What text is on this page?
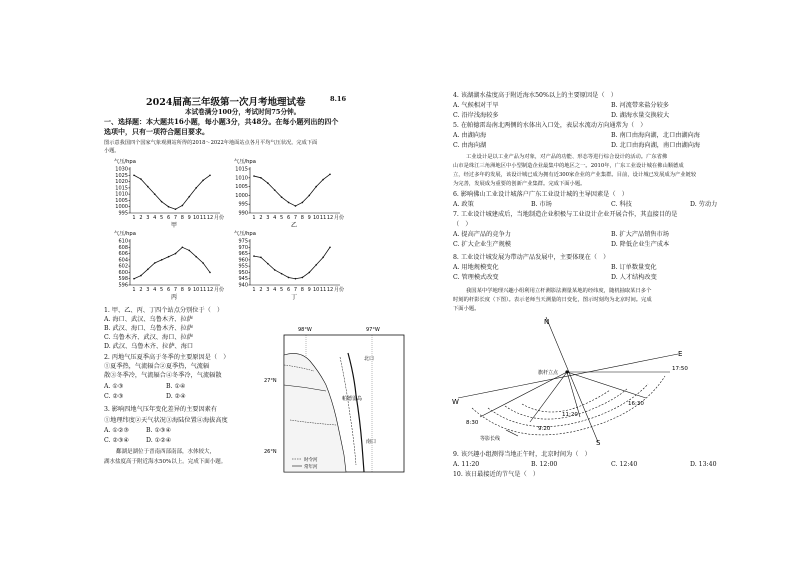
2024届高三年级第一次月考地理试卷	8.16
本试卷满分100分，考试时间75分钟。
一、选择题：本大题共16小题，每小题3分，共48分。在每小题列出的四个
选项中，只有一项符合题目要求。
图示意我国四个国家气象观测站所得的2018～2022年地面站点各月平均气压状况。完成下面
小题。
气压/hpa
1030
1025
1020
1015
1010
1005
1000
995
1 2 3 4 5 6 7 8 9 10 11 12 月份
甲
气压/hpa
1015
1010
1005
1000
995
990
1 2 3 4 5 6 7 8 9 10 11 12 月份
乙
气压/hpa
610
608
606
604
602
600
598
596
1 2 3 4 5 6 7 8 9 10 11 12 月份
丙
气压/hpa
975
970
965
960
955
950
945
940
1 2 3 4 5 6 7 8 9 10 11 12 月份
丁
1. 甲、乙、丙、丁四个站点分别位于（　）
A. 海口、武汉、乌鲁木齐、拉萨
B. 武汉、海口、乌鲁木齐、拉萨
C. 乌鲁木齐、武汉、海口、拉萨
D. 武汉、乌鲁木齐、拉萨、海口
2. 丙地气压夏季高于冬季的主要原因是（　）
①夏季热，气流辐合②夏季热，气流辐
散③冬季冷，气流辐合④冬季冷，气流辐散
A. ①③	B. ①④
C. ②③	D. ②④
3. 影响四地气压年变化差异的主要因素有
①地理纬度②天气状况③海陆位置④海拔高度
A. ①②③	B. ①③④
C. ②③④	D. ①②④
鄱湖是湖位于晋南西部南部，水体较大，
湖水盐度高于附近海水50%以上。完成下面小题。
98°W	97°W
27°N
26°N
北口
南口
帕德雷岛
时令河
常年河
4. 该湖湖水盐度高于附近海水50%以上的主要原因是（　）
A. 气候相对干旱	B. 河流带来盐分较多
C. 沿岸浅海较多	D. 湖海水量交换较大
5. 在帕德雷岛南北两侧的水体出入口处，表层水流动方向通常为（　）
A. 由湖向海	B. 南口由海向湖，北口由湖向海
C. 由海向湖	D. 北口由海向湖，南口由湖向海
工业设计是以工业产品为对象，对产品的功能、形态等进行综合设计的活动。广东省佛
山市是珠江三角洲地区中小型制造企业最集中的地区之一。2010年，广东工业设计城在佛山顺德成
立，经过多年的发展，该设计城已成为拥有近300家企业的产业集群。目前，设计城已发展成为产业链较
为完善，发展成为重要的创新产业集群。完成下面小题。
6. 影响佛山工业设计城落户广东工业设计城的主导因素是（　）
A. 政策	B. 市场	C. 科技	D. 劳动力
7. 工业设计城建成后，当地制造企业积极与工业设计企业开展合作，其直接目的是
（　）
A. 提高产品的竞争力	B. 扩大产品销售市场
C. 扩大企业生产规模	D. 降低企业生产成本
8. 工业设计城发展为带动产品发展中，主要体现在（　）
A. 用地规模变化	B. 订单数量变化
C. 管理模式改变	D. 人才结构改变
我国某中学地理兴趣小组利用立杆测影法测量某地的经纬度，随机抽取某日多个
时刻的杆影长度（下图）。表示老师当天测量的日变化，图示时刻均为北京时间。完成
下面小题。
N
S
E
W
旗杆立点
17:50
16:30
11:20
9:20
8:30
等影长线
9. 该兴趣小组测得当地正午时，北京时间为（　）
A. 11:20	B. 12:00	C. 12:40	D. 13:40
10. 该日最接近的节气是（　）
